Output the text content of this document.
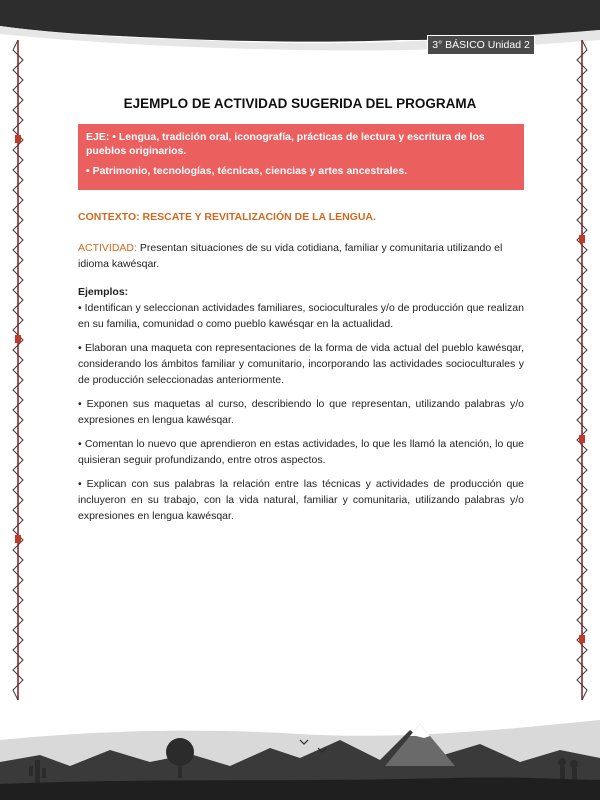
3° BÁSICO Unidad 2
EJEMPLO DE ACTIVIDAD SUGERIDA DEL PROGRAMA

EJE: • Lengua, tradición oral, iconografía, prácticas de lectura y escritura de los pueblos originarios.

• Patrimonio, tecnologías, técnicas, ciencias y artes ancestrales.

CONTEXTO: RESCATE Y REVITALIZACIÓN DE LA LENGUA.

ACTIVIDAD: Presentan situaciones de su vida cotidiana, familiar y comunitaria utilizando el idioma kawésqar.

Ejemplos:

• Identifican y seleccionan actividades familiares, socioculturales y/o de producción que realizan en su familia, comunidad o como pueblo kawésqar en la actualidad.

• Elaboran una maqueta con representaciones de la forma de vida actual del pueblo kawésqar, considerando los ámbitos familiar y comunitario, incorporando las actividades socioculturales y de producción seleccionadas anteriormente.

• Exponen sus maquetas al curso, describiendo lo que representan, utilizando palabras y/o expresiones en lengua kawésqar.

• Comentan lo nuevo que aprendieron en estas actividades, lo que les llamó la atención, lo que quisieran seguir profundizando, entre otros aspectos.

• Explican con sus palabras la relación entre las técnicas y actividades de producción que incluyeron en su trabajo, con la vida natural, familiar y comunitaria, utilizando palabras y/o expresiones en lengua kawésqar.
